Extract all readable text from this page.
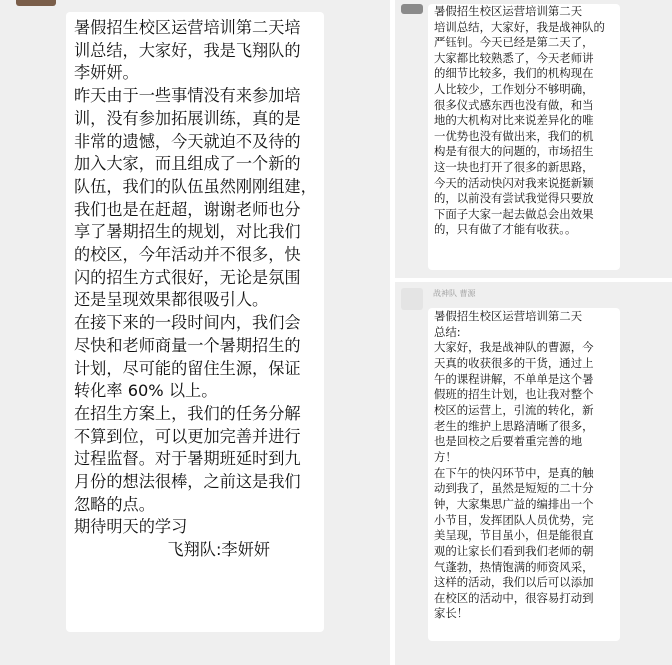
暑假招生校区运营培训第二天培
训总结，大家好，我是飞翔队的
李妍妍。
昨天由于一些事情没有来参加培
训，没有参加拓展训练，真的是
非常的遗憾，今天就迫不及待的
加入大家，而且组成了一个新的
队伍，我们的队伍虽然刚刚组建，
我们也是在赶超，谢谢老师也分
享了暑期招生的规划，对比我们
的校区，今年活动并不很多，快
闪的招生方式很好，无论是氛围
还是呈现效果都很吸引人。
在接下来的一段时间内，我们会
尽快和老师商量一个暑期招生的
计划，尽可能的留住生源，保证
转化率 60% 以上。
在招生方案上，我们的任务分解
不算到位，可以更加完善并进行
过程监督。对于暑期班延时到九
月份的想法很棒，之前这是我们
忽略的点。
期待明天的学习
飞翔队:李妍妍
暑假招生校区运营培训第二天
培训总结，大家好，我是战神队的
严钰钊。今天已经是第二天了，
大家都比较熟悉了，今天老师讲
的细节比较多，我们的机构现在
人比较少，工作划分不够明确，
很多仪式感东西也没有做，和当
地的大机构对比来说差异化的唯
一优势也没有做出来，我们的机
构是有很大的问题的，市场招生
这一块也打开了很多的新思路，
今天的活动快闪对我来说挺新颖
的，以前没有尝试我觉得只要放
下面子大家一起去做总会出效果
的，只有做了才能有收获。。
战神队 曹源
暑假招生校区运营培训第二天
总结:
大家好，我是战神队的曹源，今
天真的收获很多的干货，通过上
午的课程讲解，不单单是这个暑
假班的招生计划，也让我对整个
校区的运营上，引流的转化，新
老生的维护上思路清晰了很多，
也是回校之后要着重完善的地
方！
在下午的快闪环节中，是真的触
动到我了，虽然是短短的二十分
钟，大家集思广益的编排出一个
小节目，发挥团队人员优势，完
美呈现，节目虽小，但是能很直
观的让家长们看到我们老师的朝
气蓬勃，热情饱满的师资风采，
这样的活动，我们以后可以添加
在校区的活动中，很容易打动到
家长！
